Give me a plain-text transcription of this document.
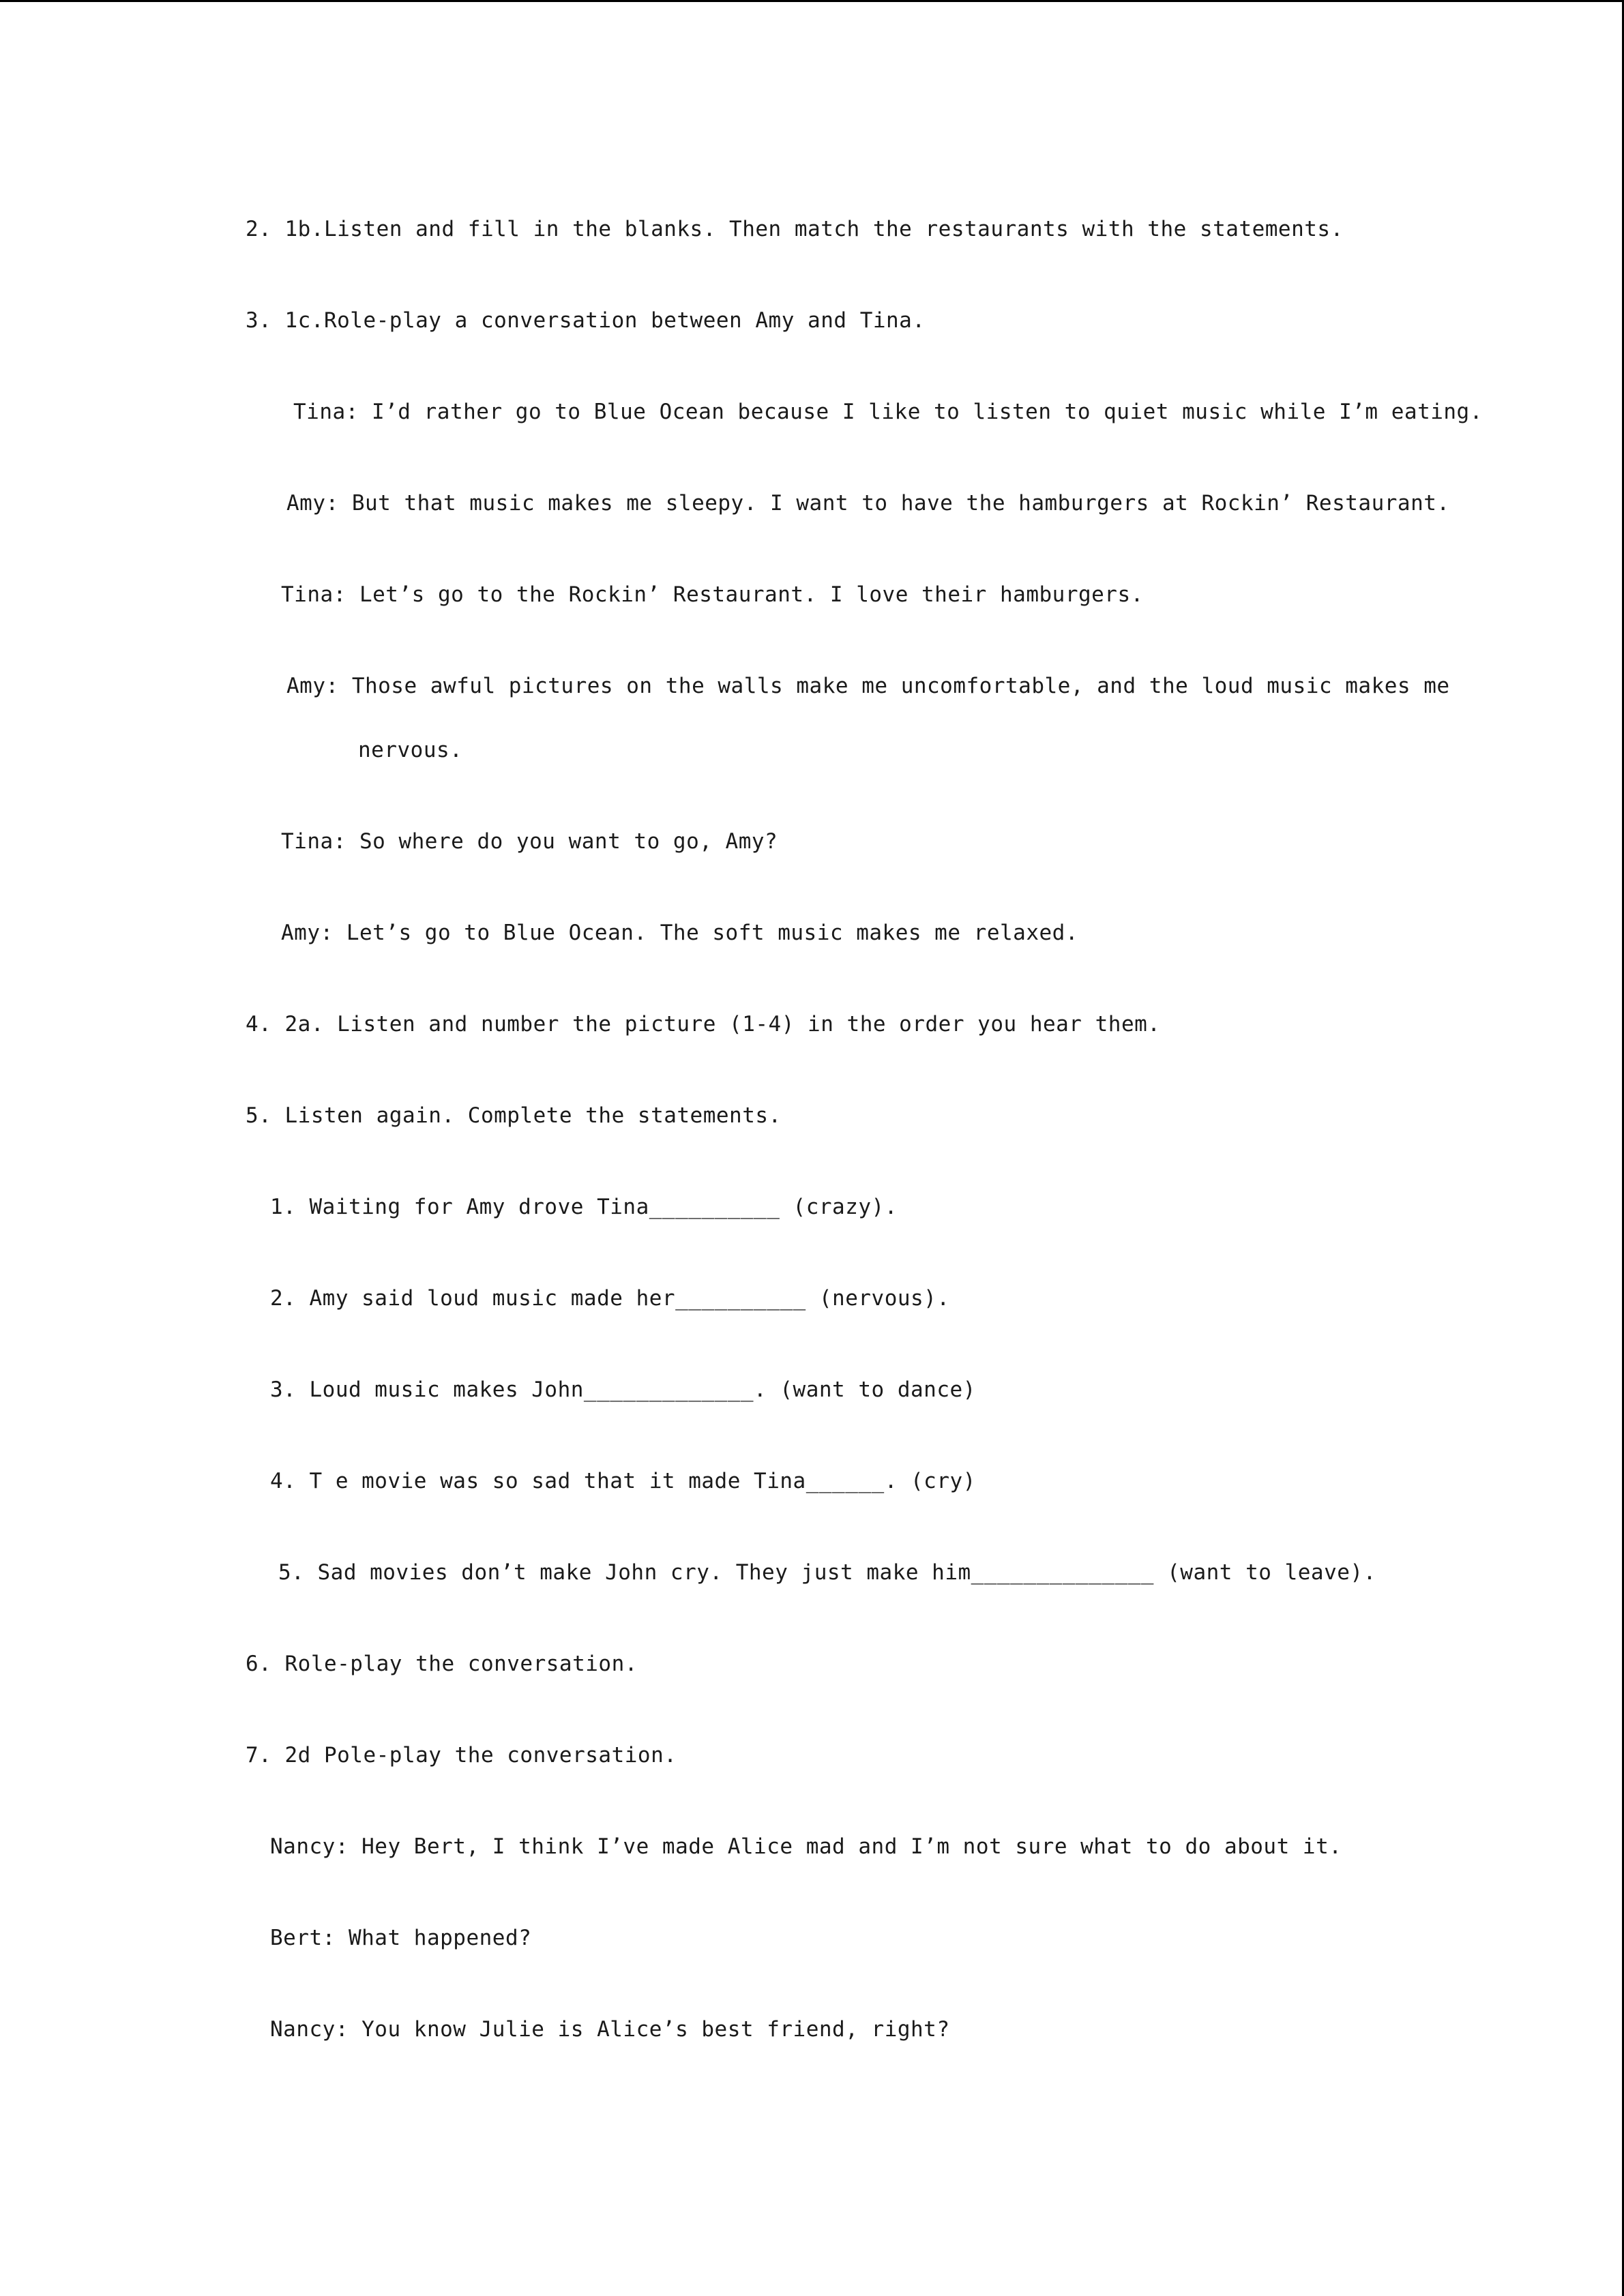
2. 1b.Listen and fill in the blanks. Then match the restaurants with the statements.
3. 1c.Role-play a conversation between Amy and Tina.
Tina: I’d rather go to Blue Ocean because I like to listen to quiet music while I’m eating.
Amy: But that music makes me sleepy. I want to have the hamburgers at Rockin’ Restaurant.
Tina: Let’s go to the Rockin’ Restaurant. I love their hamburgers.
Amy: Those awful pictures on the walls make me uncomfortable, and the loud music makes me
nervous.
Tina: So where do you want to go, Amy?
Amy: Let’s go to Blue Ocean. The soft music makes me relaxed.
4. 2a. Listen and number the picture (1-4) in the order you hear them.
5. Listen again. Complete the statements.
1. Waiting for Amy drove Tina__________ (crazy).
2. Amy said loud music made her__________ (nervous).
3. Loud music makes John_____________. (want to dance)
4. T e movie was so sad that it made Tina______. (cry)
5. Sad movies don’t make John cry. They just make him______________ (want to leave).
6. Role-play the conversation.
7. 2d Pole-play the conversation.
Nancy: Hey Bert, I think I’ve made Alice mad and I’m not sure what to do about it.
Bert: What happened?
Nancy: You know Julie is Alice’s best friend, right?
